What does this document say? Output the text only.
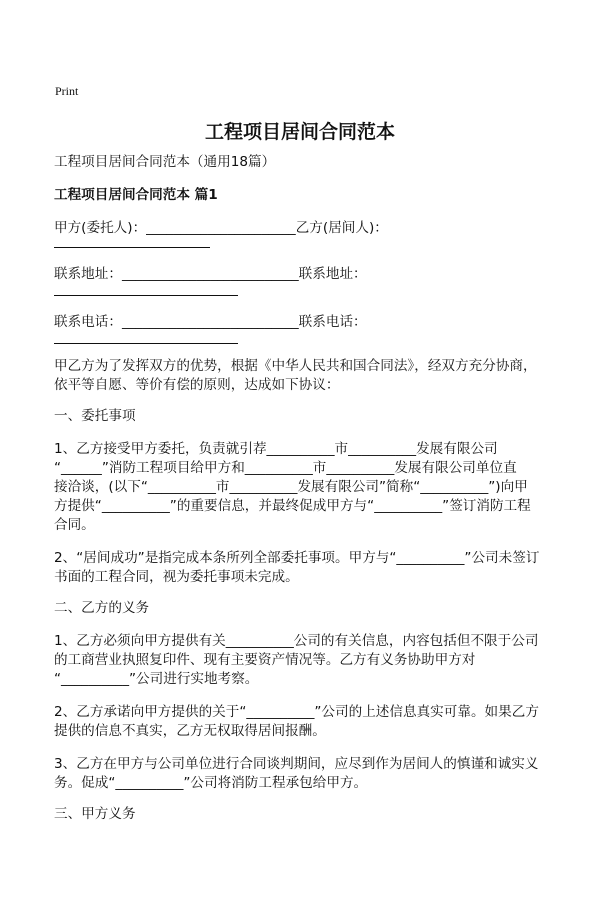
Print
工程项目居间合同范本
工程项目居间合同范本（通用18篇）
工程项目居间合同范本 篇1
甲方(委托人)：______________________乙方(居间人)：
联系地址：__________________________联系地址：
联系电话：__________________________联系电话：
甲乙方为了发挥双方的优势，根据《中华人民共和国合同法》，经双方充分协商，
依平等自愿、等价有偿的原则，达成如下协议：
一、委托事项
1、乙方接受甲方委托，负责就引荐__________市__________发展有限公司
“______”消防工程项目给甲方和__________市__________发展有限公司单位直
接洽谈，(以下“__________市__________发展有限公司”简称“__________”)向甲
方提供“__________”的重要信息，并最终促成甲方与“__________”签订消防工程
合同。
2、“居间成功”是指完成本条所列全部委托事项。甲方与“__________”公司未签订
书面的工程合同，视为委托事项未完成。
二、乙方的义务
1、乙方必须向甲方提供有关__________公司的有关信息，内容包括但不限于公司
的工商营业执照复印件、现有主要资产情况等。乙方有义务协助甲方对
“__________”公司进行实地考察。
2、乙方承诺向甲方提供的关于“__________”公司的上述信息真实可靠。如果乙方
提供的信息不真实，乙方无权取得居间报酬。
3、乙方在甲方与公司单位进行合同谈判期间，应尽到作为居间人的慎谨和诚实义
务。促成“__________”公司将消防工程承包给甲方。
三、甲方义务
